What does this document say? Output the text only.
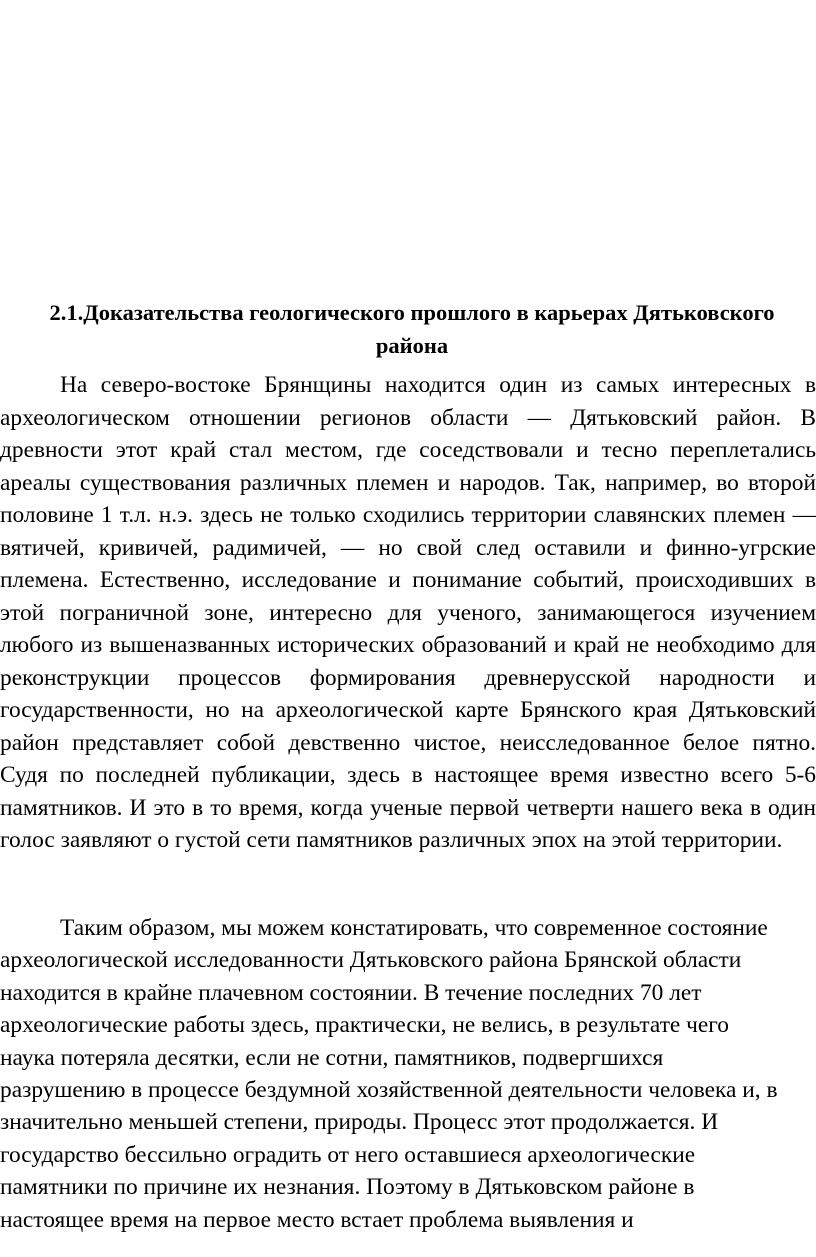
2.1.Доказательства геологического прошлого в карьерах Дятьковского
района

На северо-востоке Брянщины находится один из самых интересных в археологическом отношении регионов области — Дятьковский район. В древности этот край стал местом, где соседствовали и тесно переплетались ареалы существования различных племен и народов. Так, например, во второй половине 1 т.л. н.э. здесь не только сходились территории славянских племен — вятичей, кривичей, радимичей, — но свой след оставили и финно-угрские племена. Естественно, исследование и понимание событий, происходивших в этой пограничной зоне, интересно для ученого, занимающегося изучением любого из вышеназванных исторических образований и край не необходимо для реконструкции процессов формирования древнерусской народности и государственности, но на археологической карте Брянского края Дятьковский район представляет собой девственно чистое, неисследованное белое пятно. Судя по последней публикации, здесь в настоящее время известно всего 5-6 памятников. И это в то время, когда ученые первой четверти нашего века в один голос заявляют о густой сети памятников различных эпох на этой территории.

Таким образом, мы можем констатировать, что современное состояние
археологической исследованности Дятьковского района Брянской области
находится в крайне плачевном состоянии. В течение последних 70 лет
археологические работы здесь, практически, не велись, в результате чего
наука потеряла десятки, если не сотни, памятников, подвергшихся
разрушению в процессе бездумной хозяйственной деятельности человека и, в
значительно меньшей степени, природы. Процесс этот продолжается. И
государство бессильно оградить от него оставшиеся археологические
памятники по причине их незнания. Поэтому в Дятьковском районе в
настоящее время на первое место встает проблема выявления и
